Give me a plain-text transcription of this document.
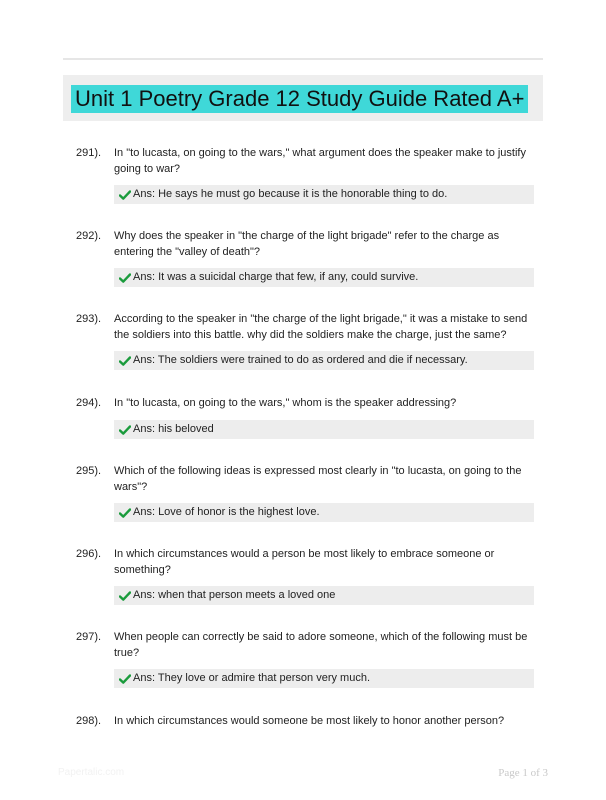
Unit 1 Poetry Grade 12 Study Guide Rated A+
291). In "to lucasta, on going to the wars," what argument does the speaker make to justify going to war?
Ans: He says he must go because it is the honorable thing to do.
292). Why does the speaker in "the charge of the light brigade" refer to the charge as entering the "valley of death"?
Ans: It was a suicidal charge that few, if any, could survive.
293). According to the speaker in "the charge of the light brigade," it was a mistake to send the soldiers into this battle. why did the soldiers make the charge, just the same?
Ans: The soldiers were trained to do as ordered and die if necessary.
294). In "to lucasta, on going to the wars," whom is the speaker addressing?
Ans: his beloved
295). Which of the following ideas is expressed most clearly in "to lucasta, on going to the wars"?
Ans: Love of honor is the highest love.
296). In which circumstances would a person be most likely to embrace someone or something?
Ans: when that person meets a loved one
297). When people can correctly be said to adore someone, which of the following must be true?
Ans: They love or admire that person very much.
298). In which circumstances would someone be most likely to honor another person?
Papertalic.com	Page 1 of 3
